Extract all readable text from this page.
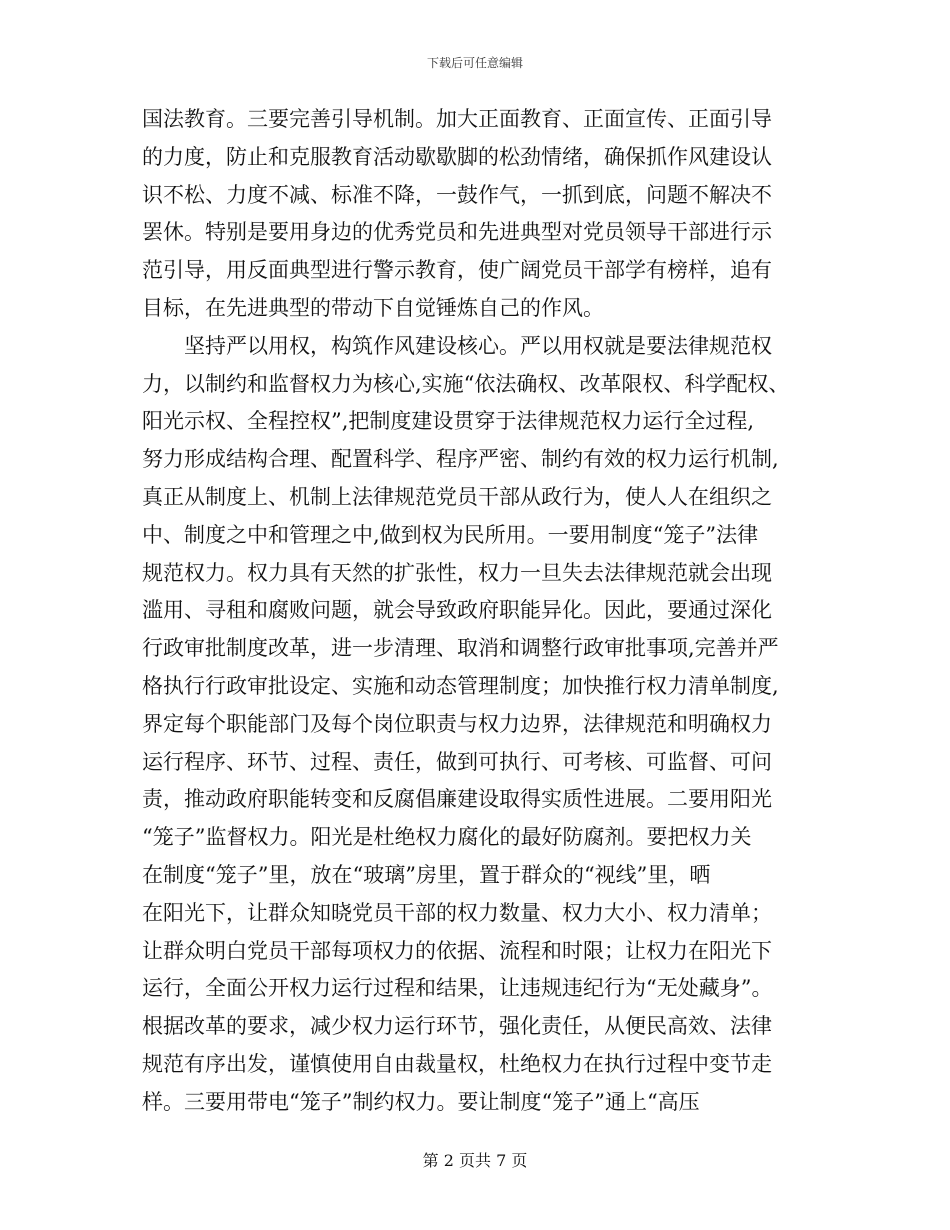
下载后可任意编辑
国法教育。三要完善引导机制。加大正面教育、正面宣传、正面引导
的力度，防止和克服教育活动歇歇脚的松劲情绪，确保抓作风建设认
识不松、力度不减、标准不降，一鼓作气，一抓到底，问题不解决不
罢休。特别是要用身边的优秀党员和先进典型对党员领导干部进行示
范引导，用反面典型进行警示教育，使广阔党员干部学有榜样，追有
目标，在先进典型的带动下自觉锤炼自己的作风。
　　坚持严以用权，构筑作风建设核心。严以用权就是要法律规范权
力，以制约和监督权力为核心,实施“依法确权、改革限权、科学配权、
阳光示权、全程控权”,把制度建设贯穿于法律规范权力运行全过程,
努力形成结构合理、配置科学、程序严密、制约有效的权力运行机制,
真正从制度上、机制上法律规范党员干部从政行为，使人人在组织之
中、制度之中和管理之中,做到权为民所用。一要用制度“笼子”法律
规范权力。权力具有天然的扩张性，权力一旦失去法律规范就会出现
滥用、寻租和腐败问题，就会导致政府职能异化。因此，要通过深化
行政审批制度改革，进一步清理、取消和调整行政审批事项,完善并严
格执行行政审批设定、实施和动态管理制度；加快推行权力清单制度,
界定每个职能部门及每个岗位职责与权力边界，法律规范和明确权力
运行程序、环节、过程、责任，做到可执行、可考核、可监督、可问
责，推动政府职能转变和反腐倡廉建设取得实质性进展。二要用阳光
“笼子”监督权力。阳光是杜绝权力腐化的最好防腐剂。要把权力关
在制度“笼子”里，放在“玻璃”房里，置于群众的“视线”里，晒
在阳光下，让群众知晓党员干部的权力数量、权力大小、权力清单；
让群众明白党员干部每项权力的依据、流程和时限；让权力在阳光下
运行，全面公开权力运行过程和结果，让违规违纪行为“无处藏身”。
根据改革的要求，减少权力运行环节，强化责任，从便民高效、法律
规范有序出发，谨慎使用自由裁量权，杜绝权力在执行过程中变节走
样。三要用带电“笼子”制约权力。要让制度“笼子”通上“高压
第 2 页共 7 页
